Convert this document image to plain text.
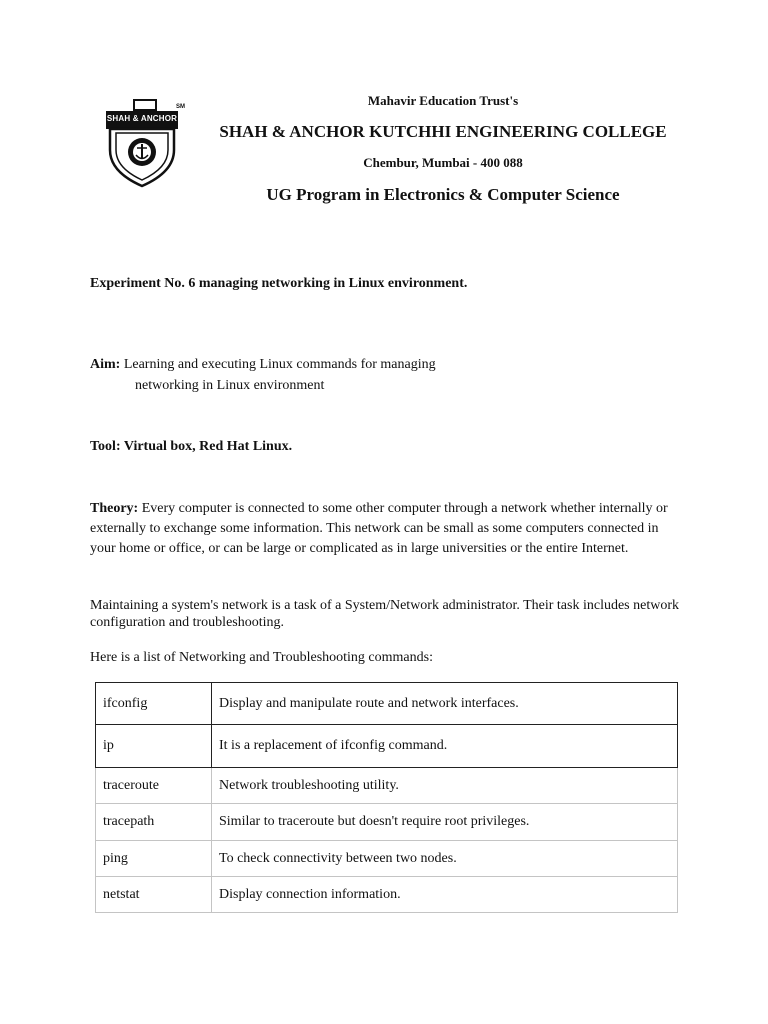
SHAH & ANCHOR
SM	Mahavir Education Trust's
SHAH & ANCHOR KUTCHHI ENGINEERING COLLEGE
Chembur, Mumbai - 400 088
UG Program in Electronics & Computer Science
Experiment No. 6 managing networking in Linux environment.
Aim: Learning and executing Linux commands for managing
networking in Linux environment
Tool: Virtual box, Red Hat Linux.
Theory: Every computer is connected to some other computer through a network whether internally or externally to exchange some information. This network can be small as some computers connected in your home or office, or can be large or complicated as in large universities or the entire Internet.
Maintaining a system's network is a task of a System/Network administrator. Their task includes network configuration and troubleshooting.
Here is a list of Networking and Troubleshooting commands:
ifconfig	Display and manipulate route and network interfaces.
ip	It is a replacement of ifconfig command.
traceroute	Network troubleshooting utility.
tracepath	Similar to traceroute but doesn't require root privileges.
ping	To check connectivity between two nodes.
netstat	Display connection information.
